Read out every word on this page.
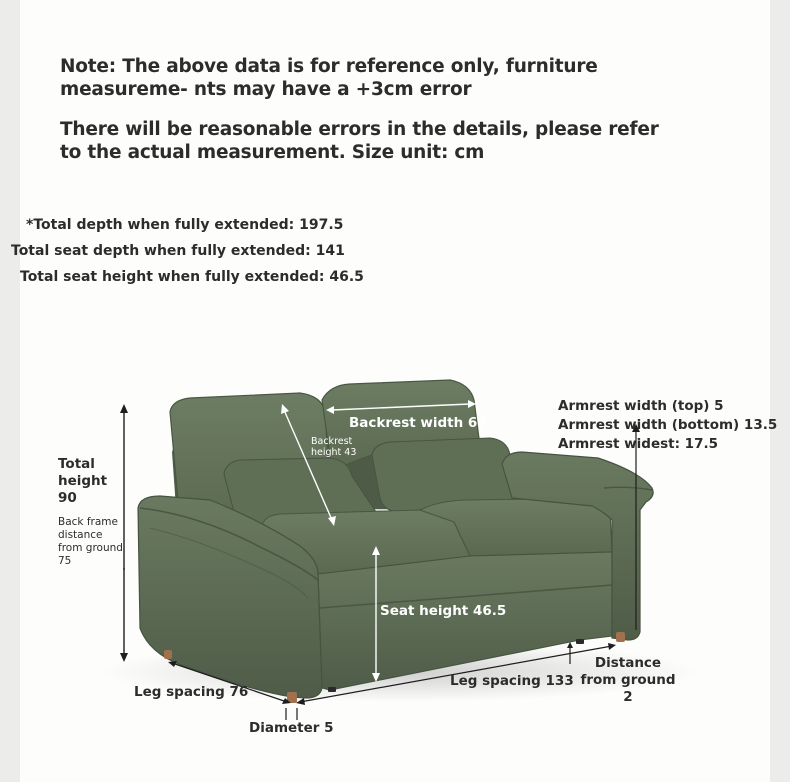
Note: The above data is for reference only, furniture measureme- nts may have a +3cm error
There will be reasonable errors in the details, please refer to the actual measurement. Size unit: cm
*Total depth when fully extended: 197.5
Total seat depth when fully extended: 141
Total seat height when fully extended: 46.5
Backrest width 67
Backrest height 43
Seat height 46.5
Armrest width (top) 5
Armrest width (bottom) 13.5
Armrest widest: 17.5
Total height 90
Back frame distance from ground 75
Leg spacing 76
Leg spacing 133
Distance from ground 2
Diameter 5
